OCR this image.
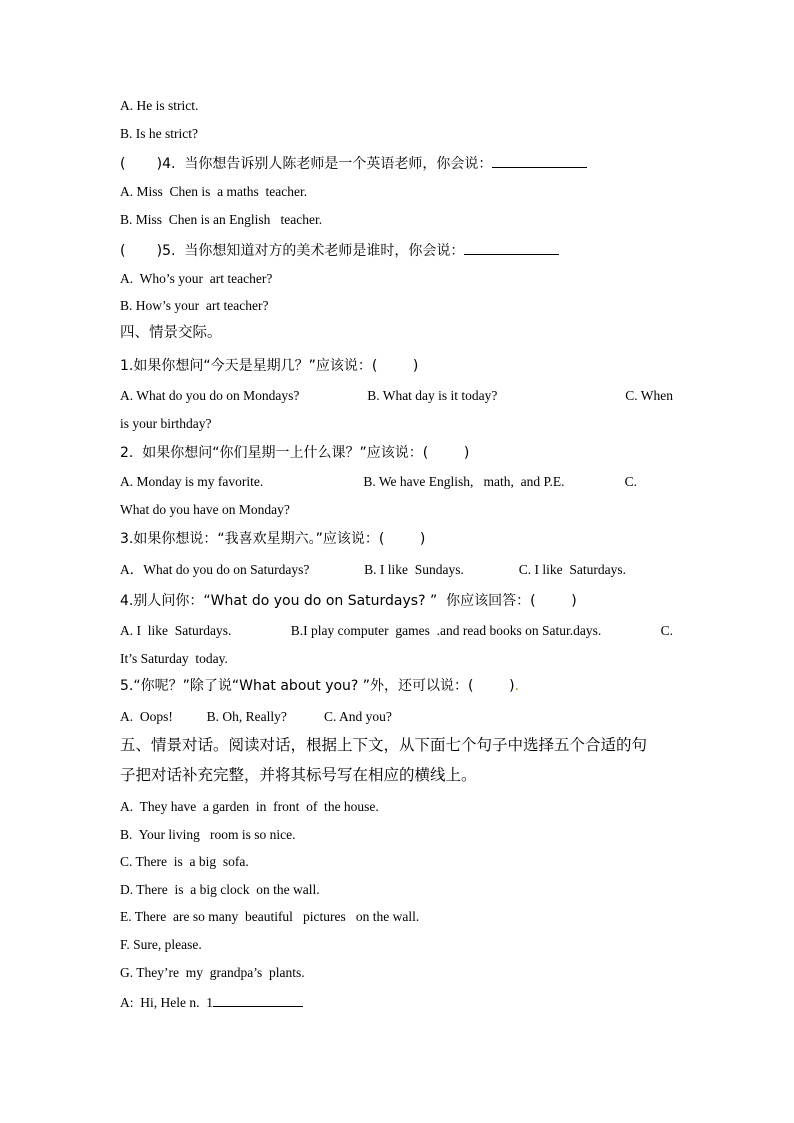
A. He is strict.

B. Is he strict?

(       )4.  当你想告诉别人陈老师是一个英语老师，你会说：

A. Miss  Chen is  a maths  teacher.

B. Miss  Chen is an English   teacher.

(       )5.  当你想知道对方的美术老师是谁时，你会说：

A.  Who’s your  art teacher?

B. How’s your  art teacher?

四、情景交际。

1.如果你想问“今天是星期几？”应该说：(        )

A. What do you do on Mondays?	B. What day is it today?	C. When

is your birthday?

2.  如果你想问“你们星期一上什么课？”应该说：(        )

A. Monday is my favorite.	B. We have English,   math,  and P.E.	C.

What do you have on Monday?

3.如果你想说：“我喜欢星期六。”应该说：(        )

A．What do you do on Saturdays?	B. I like  Sundays.	C. I like  Saturdays.

4.别人问你：“What do you do on Saturdays? ”  你应该回答：(        )

A. I  like  Saturdays.	B.I play computer  games  .and read books on Satur.days.	C.

It’s Saturday  today.

5.“你呢？”除了说“What about you? ”外，还可以说：(        ).

A.  Oops!          B. Oh, Really?           C. And you?

五、情景对话。阅读对话，根据上下文，从下面七个句子中选择五个合适的句

子把对话补充完整，并将其标号写在相应的横线上。

A.  They have  a garden  in  front  of  the house.

B.  Your living   room is so nice.

C. There  is  a big  sofa.

D. There  is  a big clock  on the wall.

E. There  are so many  beautiful   pictures   on the wall.

F. Sure, please.

G. They’re  my  grandpa’s  plants.

A:  Hi, Hele n.  1
